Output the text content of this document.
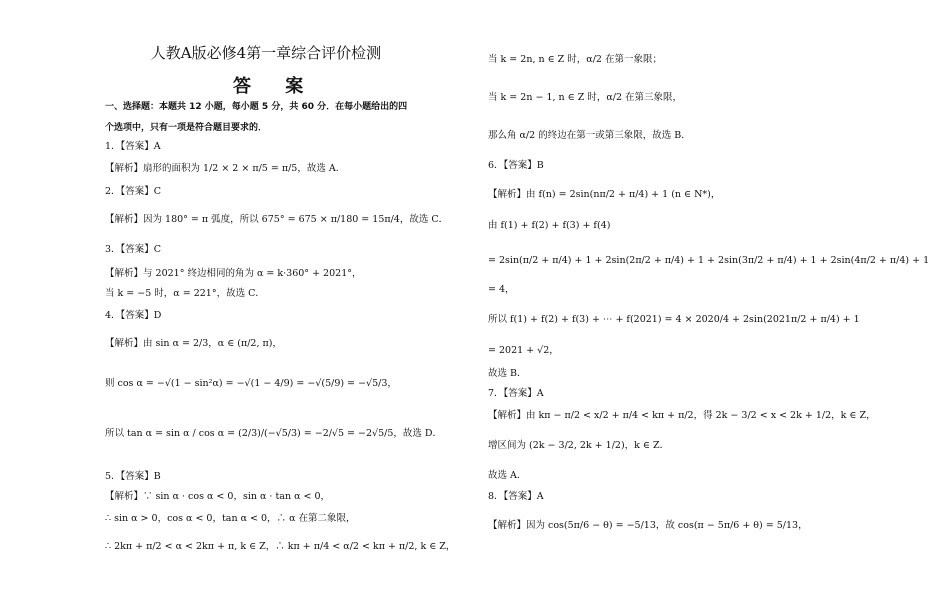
人教A版必修4第一章综合评价检测
答 案
一、选择题：本题共 12 小题，每小题 5 分，共 60 分．在每小题给出的四
个选项中，只有一项是符合题目要求的．
1．【答案】A
【解析】扇形的面积为 1/2 × 2 × π/5 = π/5，故选 A．
2．【答案】C
【解析】因为 180° = π 弧度，所以 675° = 675 × π/180 = 15π/4，故选 C．
3．【答案】C
【解析】与 2021° 终边相同的角为 α = k·360° + 2021°，
当 k = −5 时，α = 221°，故选 C．
4．【答案】D
【解析】由 sin α = 2/3，α ∈ (π/2, π)，
则 cos α = −√(1 − sin²α) = −√(1 − 4/9) = −√(5/9) = −√5/3，
所以 tan α = sin α / cos α = (2/3)/(−√5/3) = −2/√5 = −2√5/5，故选 D．
5．【答案】B
【解析】∵ sin α · cos α < 0，sin α · tan α < 0，
∴ sin α > 0，cos α < 0，tan α < 0，∴ α 在第二象限，
∴ 2kπ + π/2 < α < 2kπ + π, k ∈ Z，∴ kπ + π/4 < α/2 < kπ + π/2, k ∈ Z，
当 k = 2n, n ∈ Z 时，α/2 在第一象限；
当 k = 2n − 1, n ∈ Z 时，α/2 在第三象限，
那么角 α/2 的终边在第一或第三象限，故选 B．
6．【答案】B
【解析】由 f(n) = 2sin(nπ/2 + π/4) + 1 (n ∈ N*)，
由 f(1) + f(2) + f(3) + f(4)
= 2sin(π/2 + π/4) + 1 + 2sin(2π/2 + π/4) + 1 + 2sin(3π/2 + π/4) + 1 + 2sin(4π/2 + π/4) + 1
= 4，
所以 f(1) + f(2) + f(3) + ⋯ + f(2021) = 4 × 2020/4 + 2sin(2021π/2 + π/4) + 1
= 2021 + √2，
故选 B．
7．【答案】A
【解析】由 kπ − π/2 < x/2 + π/4 < kπ + π/2，得 2k − 3/2 < x < 2k + 1/2，k ∈ Z，
增区间为 (2k − 3/2, 2k + 1/2)，k ∈ Z．
故选 A．
8．【答案】A
【解析】因为 cos(5π/6 − θ) = −5/13，故 cos(π − 5π/6 + θ) = 5/13，
